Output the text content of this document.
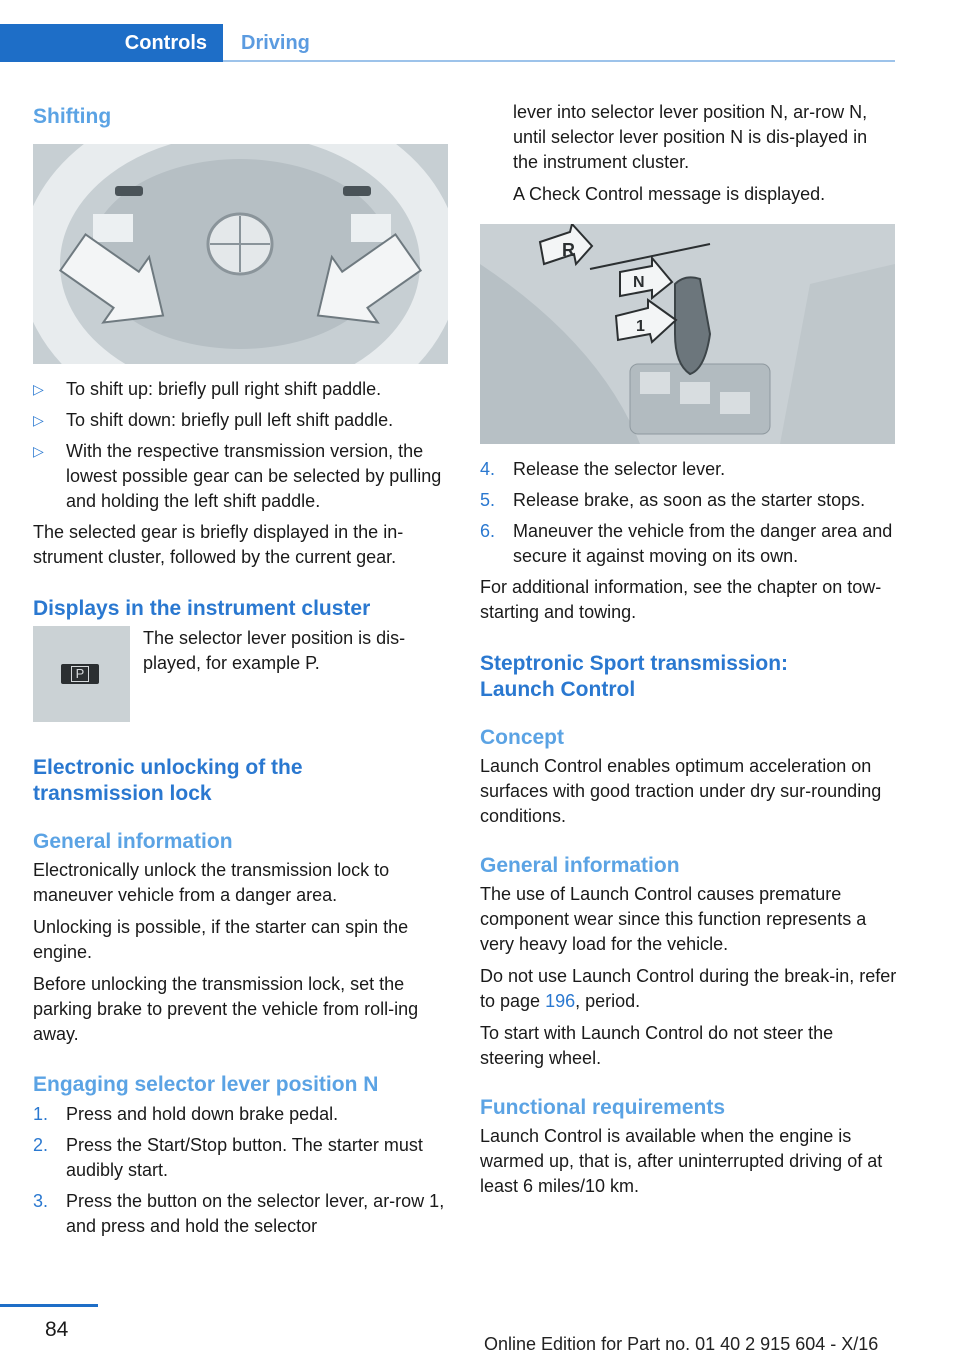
Controls	Driving
Shifting
▷ To shift up: briefly pull right shift paddle.
▷ To shift down: briefly pull left shift paddle.
▷ With the respective transmission version, the lowest possible gear can be selected by pulling and holding the left shift paddle.

The selected gear is briefly displayed in the in‐strument cluster, followed by the current gear.

Displays in the instrument cluster
P

The selector lever position is dis‐played, for example P.

Electronic unlocking of the transmission lock
General information

Electronically unlock the transmission lock to maneuver vehicle from a danger area.

Unlocking is possible, if the starter can spin the engine.

Before unlocking the transmission lock, set the parking brake to prevent the vehicle from roll‐ing away.

Engaging selector lever position N
1. Press and hold down brake pedal.
2. Press the Start/Stop button. The starter must audibly start.
3. Press the button on the selector lever, ar‐row 1, and press and hold the selector

lever into selector lever position N, ar‐row N, until selector lever position N is dis‐played in the instrument cluster.

A Check Control message is displayed.

R
N
1
4. Release the selector lever.
5. Release brake, as soon as the starter stops.
6. Maneuver the vehicle from the danger area and secure it against moving on its own.

For additional information, see the chapter on tow-starting and towing.

Steptronic Sport transmission: Launch Control
Concept

Launch Control enables optimum acceleration on surfaces with good traction under dry sur‐rounding conditions.

General information

The use of Launch Control causes premature component wear since this function represents a very heavy load for the vehicle.

Do not use Launch Control during the break-in, refer to page 196, period.

To start with Launch Control do not steer the steering wheel.

Functional requirements

Launch Control is available when the engine is warmed up, that is, after uninterrupted driving of at least 6 miles/10 km.

84
Online Edition for Part no. 01 40 2 915 604 - X/16
